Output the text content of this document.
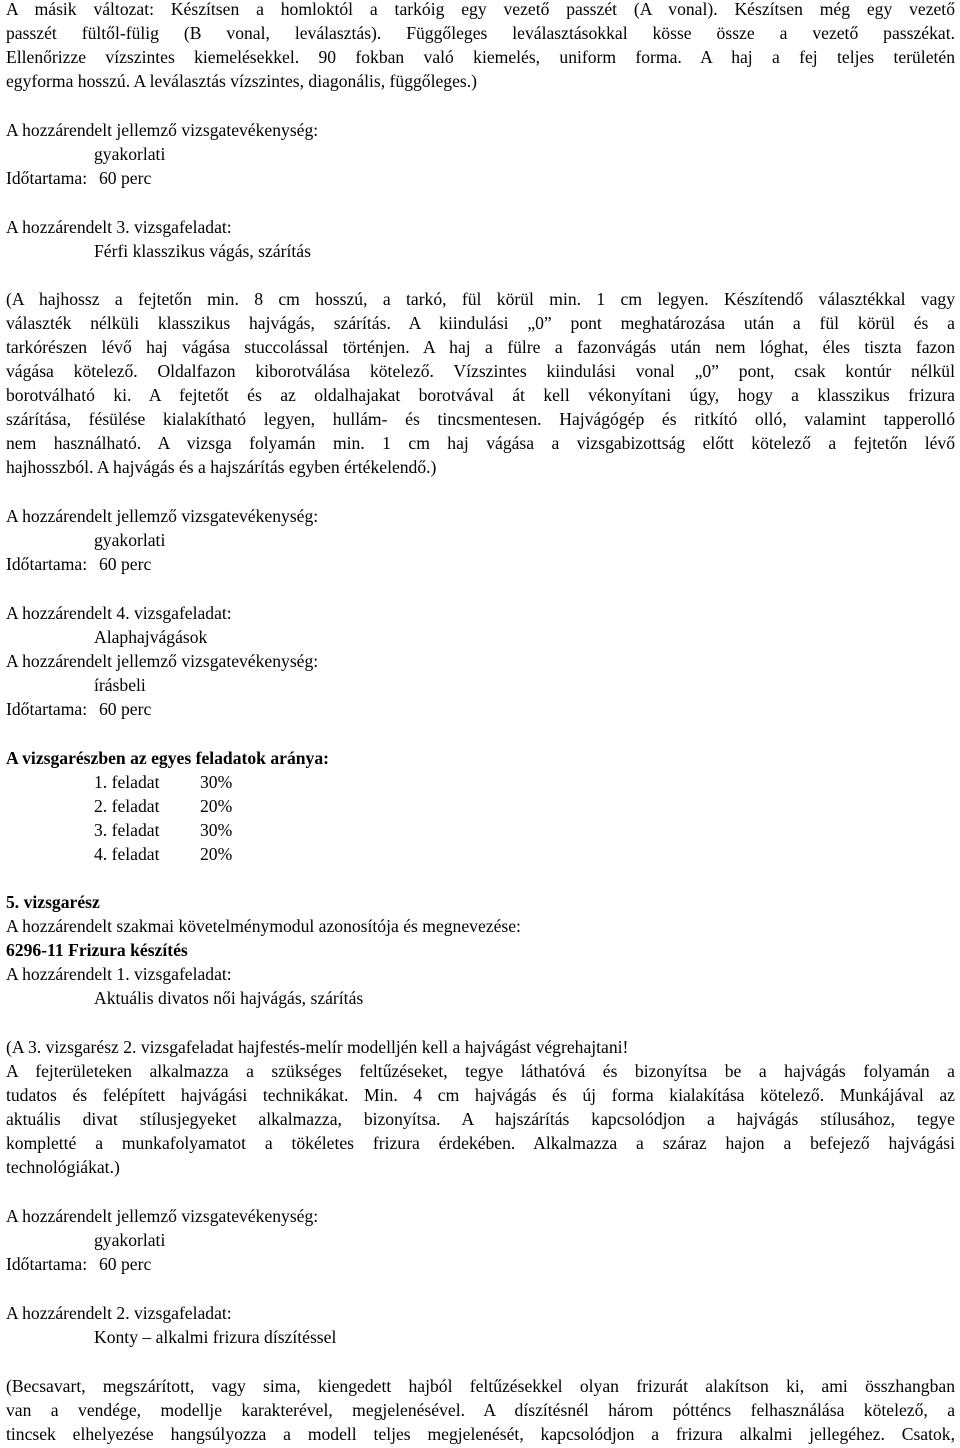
A másik változat: Készítsen a homloktól a tarkóig egy vezető passzét (A vonal). Készítsen még egy vezető

passzét fültől-fülig (B vonal, leválasztás). Függőleges leválasztásokkal kösse össze a vezető passzékat.

Ellenőrizze vízszintes kiemelésekkel. 90 fokban való kiemelés, uniform forma. A haj a fej teljes területén

egyforma hosszú. A leválasztás vízszintes, diagonális, függőleges.)

A hozzárendelt jellemző vizsgatevékenység:

gyakorlati

Időtartama: 60 perc

A hozzárendelt 3. vizsgafeladat:

Férfi klasszikus vágás, szárítás

(A hajhossz a fejtetőn min. 8 cm hosszú, a tarkó, fül körül min. 1 cm legyen. Készítendő választékkal vagy

választék nélküli klasszikus hajvágás, szárítás. A kiindulási „0” pont meghatározása után a fül körül és a

tarkórészen lévő haj vágása stuccolással történjen. A haj a fülre a fazonvágás után nem lóghat, éles tiszta fazon

vágása kötelező. Oldalfazon kiborotválása kötelező. Vízszintes kiindulási vonal „0” pont, csak kontúr nélkül

borotválható ki. A fejtetőt és az oldalhajakat borotvával át kell vékonyítani úgy, hogy a klasszikus frizura

szárítása, fésülése kialakítható legyen, hullám- és tincsmentesen. Hajvágógép és ritkító olló, valamint tapperolló

nem használható. A vizsga folyamán min. 1 cm haj vágása a vizsgabizottság előtt kötelező a fejtetőn lévő

hajhosszból. A hajvágás és a hajszárítás egyben értékelendő.)

A hozzárendelt jellemző vizsgatevékenység:

gyakorlati

Időtartama: 60 perc

A hozzárendelt 4. vizsgafeladat:

Alaphajvágások

A hozzárendelt jellemző vizsgatevékenység:

írásbeli

Időtartama: 60 perc

A vizsgarészben az egyes feladatok aránya:

1. feladat 30%
2. feladat 20%
3. feladat 30%
4. feladat 20%

5. vizsgarész

A hozzárendelt szakmai követelménymodul azonosítója és megnevezése:

6296-11 Frizura készítés

A hozzárendelt 1. vizsgafeladat:

Aktuális divatos női hajvágás, szárítás

(A 3. vizsgarész 2. vizsgafeladat hajfestés-melír modelljén kell a hajvágást végrehajtani!

A fejterületeken alkalmazza a szükséges feltűzéseket, tegye láthatóvá és bizonyítsa be a hajvágás folyamán a

tudatos és felépített hajvágási technikákat. Min. 4 cm hajvágás és új forma kialakítása kötelező. Munkájával az

aktuális divat stílusjegyeket alkalmazza, bizonyítsa. A hajszárítás kapcsolódjon a hajvágás stílusához, tegye

kompletté a munkafolyamatot a tökéletes frizura érdekében. Alkalmazza a száraz hajon a befejező hajvágási

technológiákat.)

A hozzárendelt jellemző vizsgatevékenység:

gyakorlati

Időtartama: 60 perc

A hozzárendelt 2. vizsgafeladat:

Konty – alkalmi frizura díszítéssel

(Becsavart, megszárított, vagy sima, kiengedett hajból feltűzésekkel olyan frizurát alakítson ki, ami összhangban

van a vendége, modellje karakterével, megjelenésével. A díszítésnél három pótténcs felhasználása kötelező, a

tincsek elhelyezése hangsúlyozza a modell teljes megjelenését, kapcsolódjon a frizura alkalmi jellegéhez. Csatok,
